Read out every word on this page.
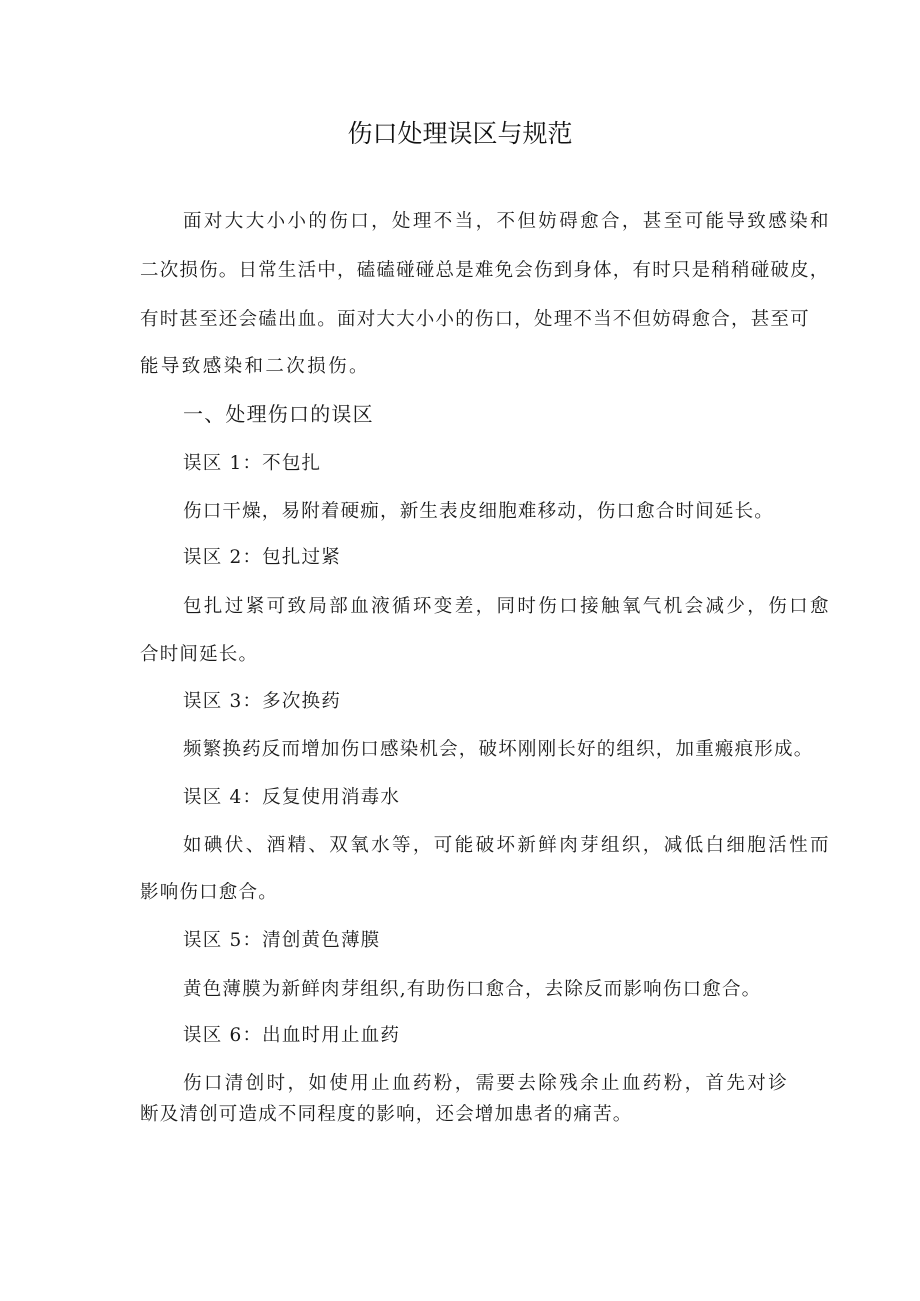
伤口处理误区与规范

面对大大小小的伤口，处理不当，不但妨碍愈合，甚至可能导致感染和

二次损伤。日常生活中，磕磕碰碰总是难免会伤到身体，有时只是稍稍碰破皮，

有时甚至还会磕出血。面对大大小小的伤口，处理不当不但妨碍愈合，甚至可

能导致感染和二次损伤。

一、处理伤口的误区

误区 1：不包扎

伤口干燥，易附着硬痂，新生表皮细胞难移动，伤口愈合时间延长。

误区 2：包扎过紧

包扎过紧可致局部血液循环变差，同时伤口接触氧气机会减少，伤口愈

合时间延长。

误区 3：多次换药

频繁换药反而增加伤口感染机会，破坏刚刚长好的组织，加重瘢痕形成。

误区 4：反复使用消毒水

如碘伏、酒精、双氧水等，可能破坏新鲜肉芽组织，减低白细胞活性而

影响伤口愈合。

误区 5：清创黄色薄膜

黄色薄膜为新鲜肉芽组织,有助伤口愈合，去除反而影响伤口愈合。

误区 6：出血时用止血药

伤口清创时，如使用止血药粉，需要去除残余止血药粉，首先对诊

断及清创可造成不同程度的影响，还会增加患者的痛苦。
